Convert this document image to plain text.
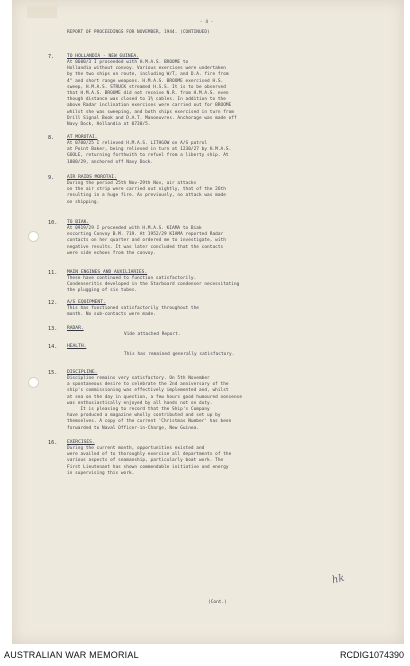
- 4 -
REPORT OF PROCEEDINGS FOR NOVEMBER, 1944. (CONTINUED)
7.	TO HOLLANDIA - NEW GUINEA.
At 0600/3 I proceeded with H.M.A.S. BROOME to
Hollandia without convoy. Various exercises were undertaken
by the two ships on route, including W/T, and D.A. fire from
4" and short range weapons. H.M.A.S. BROOME exercised H.S.
sweep, H.M.A.S. STRUCK streamed H.S.S. It is to be observed
that H.M.A.S. BROOME did not receive N.R. from H.M.A.S. even
though distance was closed to 1½ cables. In addition to the
above Radar inclination exercises were carried out for BROOME
whilst she was sweeping, and both ships exercised in turn from
Drill Signal Book and D.A.T. Manoeuvres. Anchorage was made off
Navy Dock, Hollandia at 0730/5.
8.	AT MOROTAI.
At 0700/25 I relieved H.M.A.S. LITHGOW on A/S patrol
at Point Baker, being relieved in turn at 1230/27 by H.M.A.S.
GOOLE, returning forthwith to refuel from a liberty ship. At
1800/29, anchored off Navy Dock.
9.	AIR RAIDS MOROTAI.
During the period 25th Nov-29th Nov, air attacks
on the air strip were carried out nightly, that of the 26th
resulting in a huge fire. As previously, no attack was made
on shipping.
10. TO BIAK.
At 0919/29 I proceeded with H.M.A.S. KIAMA to Biak
escorting Convoy B.M. 719. At 1952/29 KIAMA reported Radar
contacts on her quarter and ordered me to investigate, with
negative results. It was later concluded that the contacts
were side echoes from the convoy.
11. MAIN ENGINES AND AUXILIARIES.
These have continued to function satisfactorily.
Condenseritis developed in the Starboard condenser necessitating
the plugging of six tubes.
12. A/S EQUIPMENT.
This has functioned satisfactorily throughout the
month. No sub-contacts were made.
13. RADAR.
Vide attached Report.
14. HEALTH.
This has remained generally satisfactory.
15. DISCIPLINE.
Discipline remains very satisfactory. On 5th November
a spontaneous desire to celebrate the 2nd anniversary of the
ship's commissioning was effectively implemented and, whilst
at sea on the day in question, a few hours good humoured nonsense
was enthusiastically enjoyed by all hands not on duty.
It is pleasing to record that the Ship's Company
have produced a magazine wholly contributed and set up by
themselves. A copy of the current 'Christmas Number' has been
forwarded to Naval Officer-in-Charge, New Guinea.
16. EXERCISES.
During the current month, opportunities existed and
were availed of to thoroughly exercise all departments of the
various aspects of seamanship, particularly boat work. The
First Lieutenant has shown commendable initiative and energy
in supervising this work.
(Cont.)
hk
AUSTRALIAN WAR MEMORIAL	RCDIG1074390
